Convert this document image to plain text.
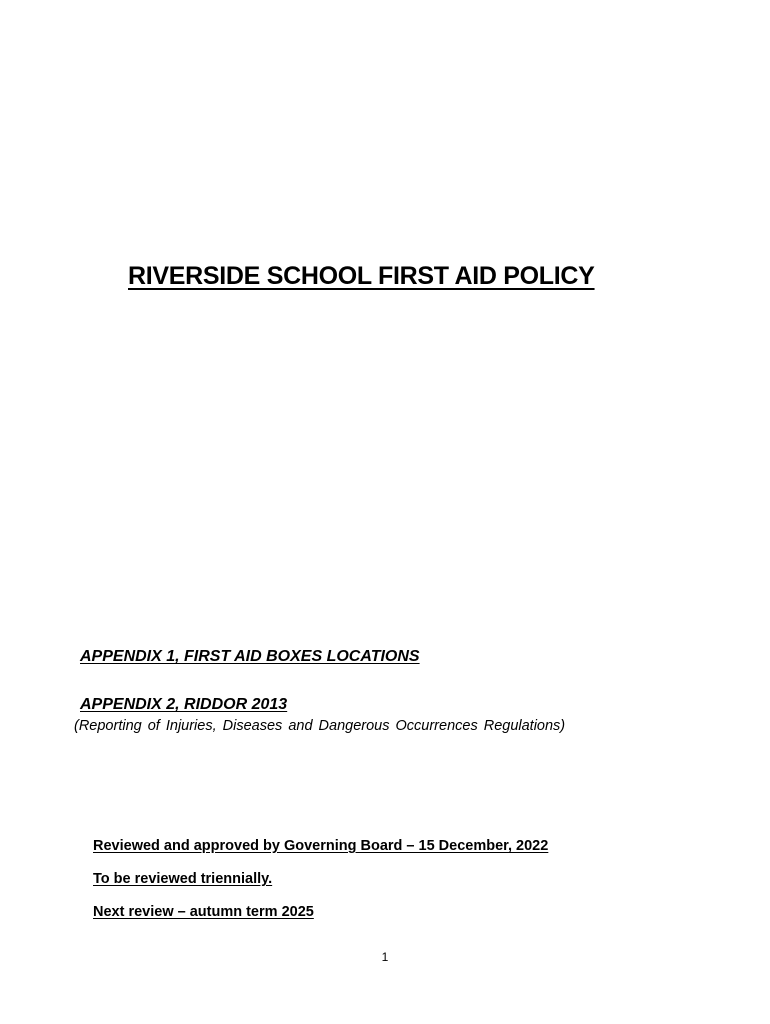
RIVERSIDE SCHOOL FIRST AID POLICY

APPENDIX 1, FIRST AID BOXES LOCATIONS

APPENDIX 2, RIDDOR 2013

(Reporting of Injuries, Diseases and Dangerous Occurrences Regulations)

Reviewed and approved by Governing Board – 15 December, 2022

To be reviewed triennially.

Next review – autumn term 2025

1
